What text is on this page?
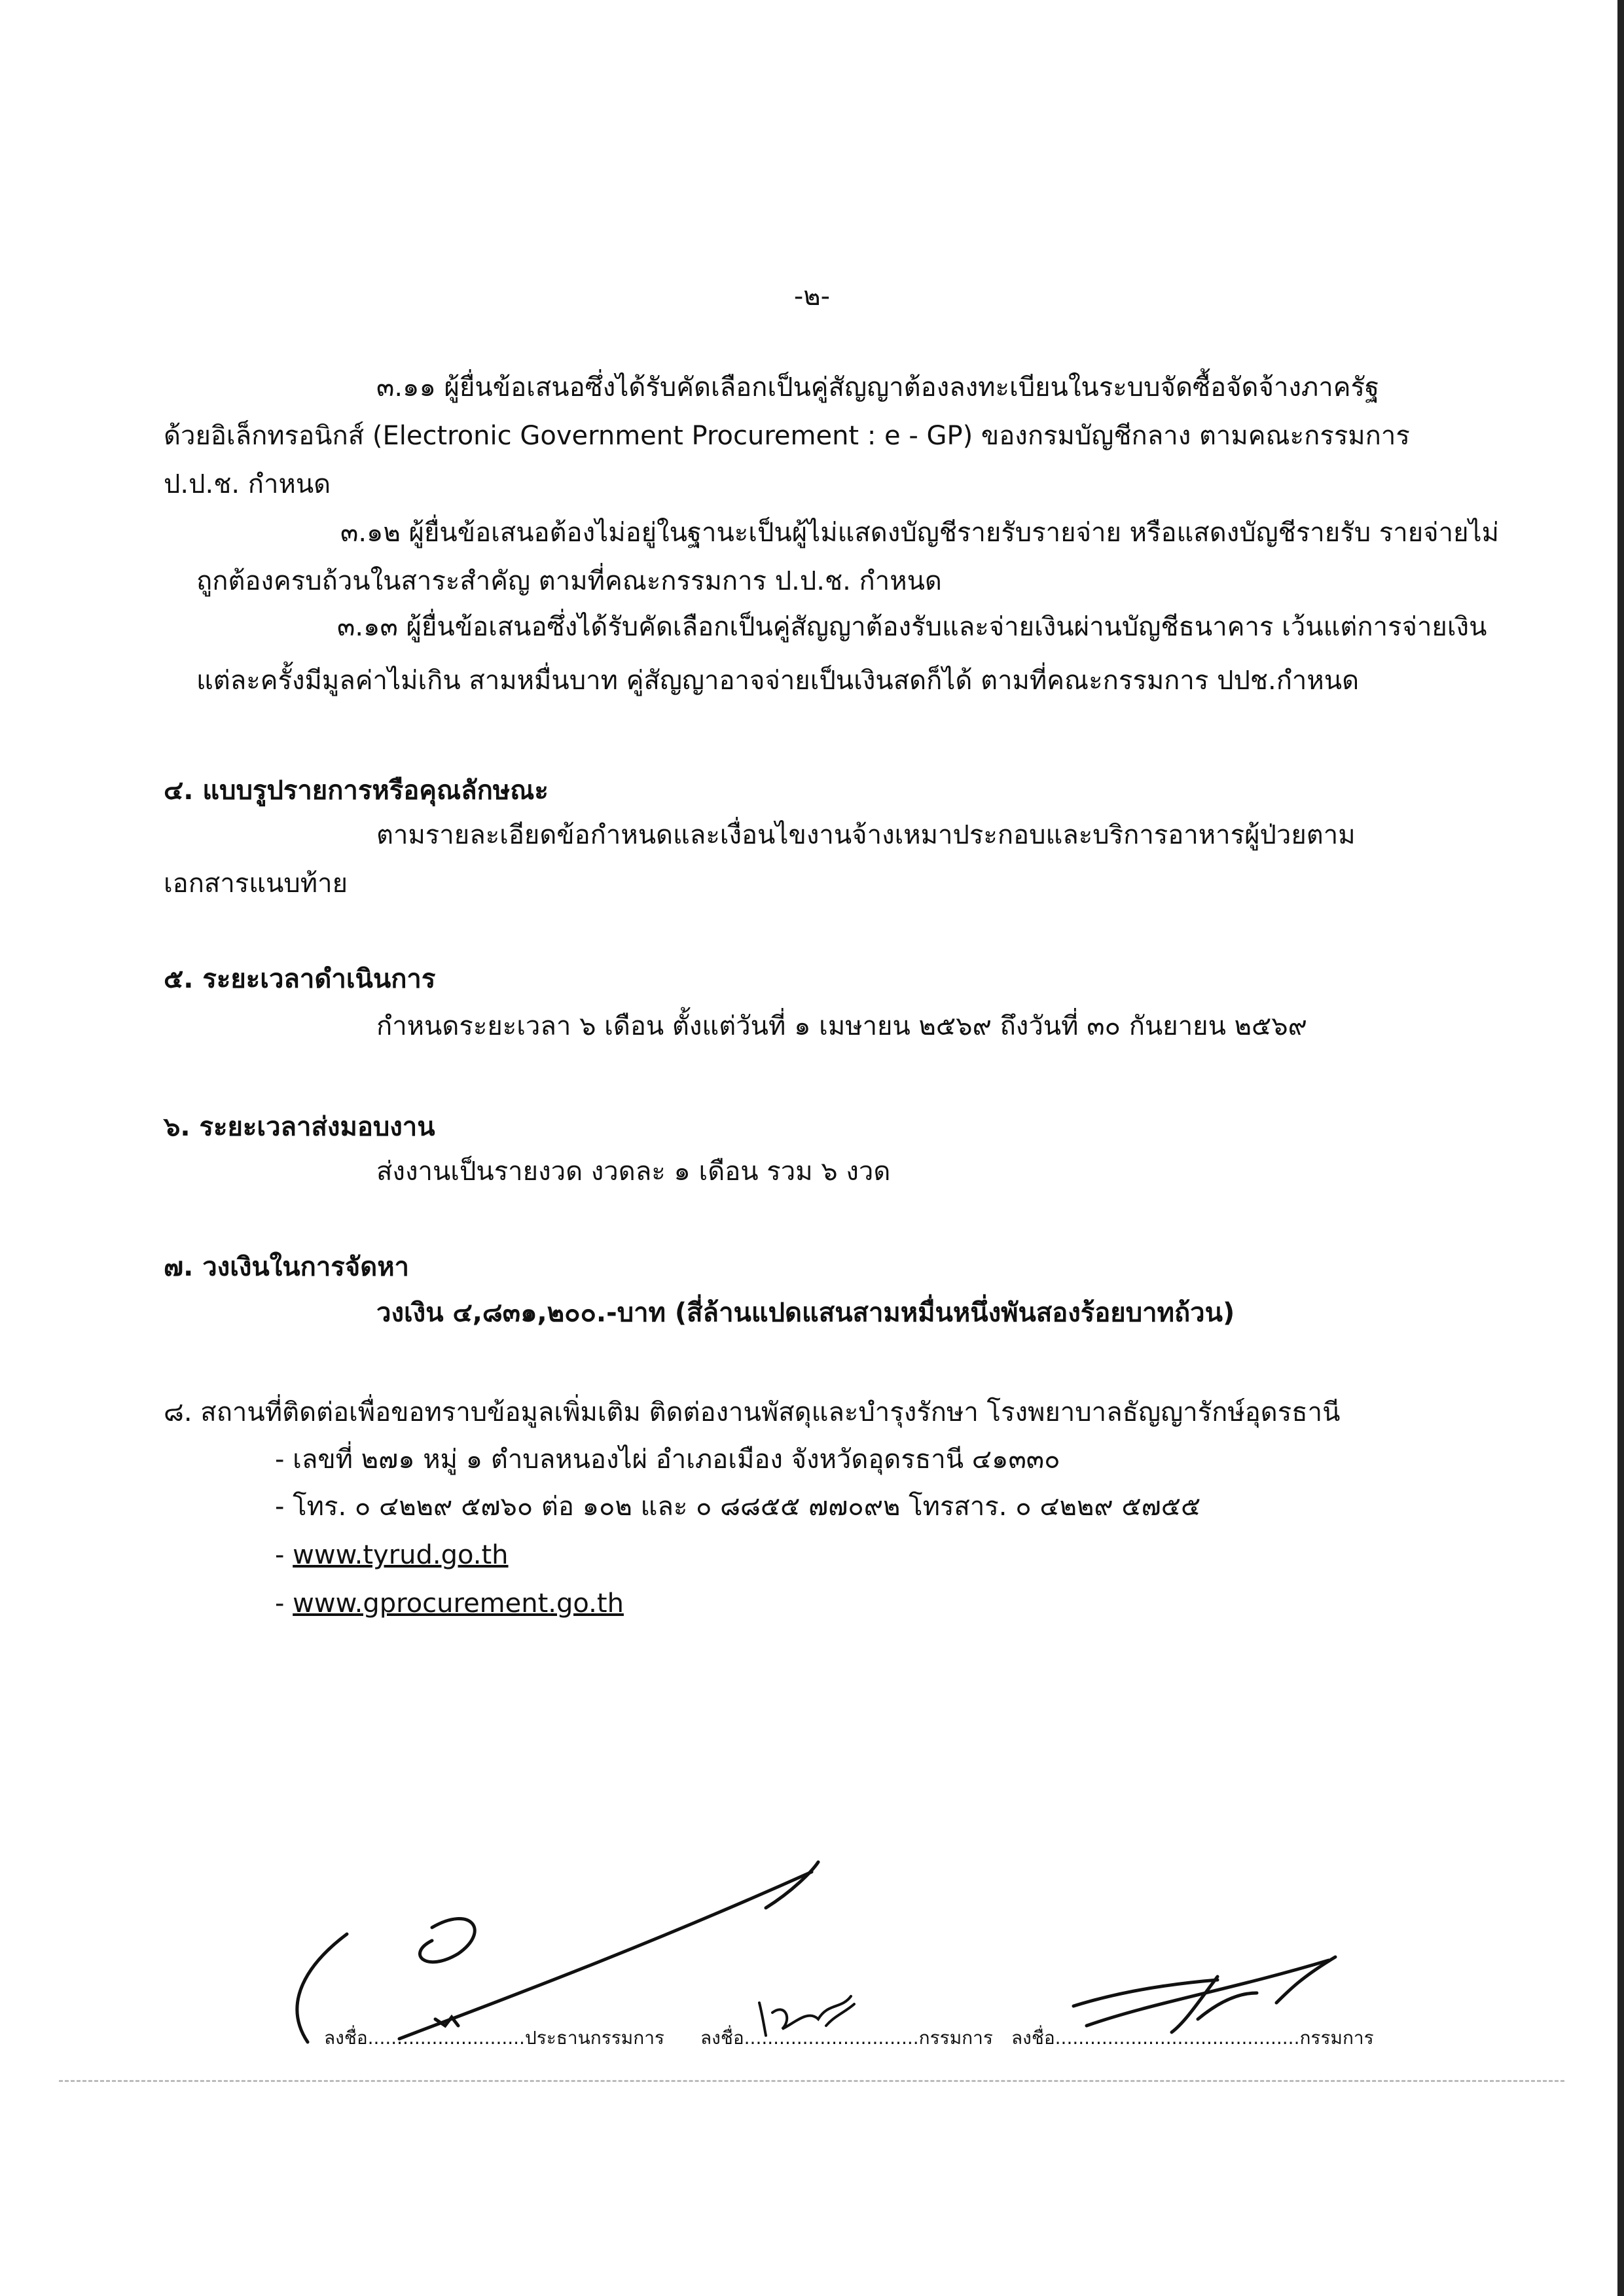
-๒-
๓.๑๑ ผู้ยื่นข้อเสนอซึ่งได้รับคัดเลือกเป็นคู่สัญญาต้องลงทะเบียนในระบบจัดซื้อจัดจ้างภาครัฐ
ด้วยอิเล็กทรอนิกส์ (Electronic Government Procurement : e - GP) ของกรมบัญชีกลาง ตามคณะกรรมการ
ป.ป.ช. กำหนด
๓.๑๒ ผู้ยื่นข้อเสนอต้องไม่อยู่ในฐานะเป็นผู้ไม่แสดงบัญชีรายรับรายจ่าย หรือแสดงบัญชีรายรับ รายจ่ายไม่
ถูกต้องครบถ้วนในสาระสำคัญ ตามที่คณะกรรมการ ป.ป.ช. กำหนด
๓.๑๓ ผู้ยื่นข้อเสนอซึ่งได้รับคัดเลือกเป็นคู่สัญญาต้องรับและจ่ายเงินผ่านบัญชีธนาคาร เว้นแต่การจ่ายเงิน
แต่ละครั้งมีมูลค่าไม่เกิน สามหมื่นบาท คู่สัญญาอาจจ่ายเป็นเงินสดก็ได้ ตามที่คณะกรรมการ ปปช.กำหนด
๔. แบบรูปรายการหรือคุณลักษณะ
ตามรายละเอียดข้อกำหนดและเงื่อนไขงานจ้างเหมาประกอบและบริการอาหารผู้ป่วยตาม
เอกสารแนบท้าย
๕. ระยะเวลาดำเนินการ
กำหนดระยะเวลา ๖ เดือน ตั้งแต่วันที่ ๑ เมษายน ๒๕๖๙ ถึงวันที่ ๓๐ กันยายน ๒๕๖๙
๖. ระยะเวลาส่งมอบงาน
ส่งงานเป็นรายงวด งวดละ ๑ เดือน รวม ๖ งวด
๗. วงเงินในการจัดหา
วงเงิน ๔,๘๓๑,๒๐๐.-บาท (สี่ล้านแปดแสนสามหมื่นหนึ่งพันสองร้อยบาทถ้วน)
๘. สถานที่ติดต่อเพื่อขอทราบข้อมูลเพิ่มเติม ติดต่องานพัสดุและบำรุงรักษา โรงพยาบาลธัญญารักษ์อุดรธานี
- เลขที่ ๒๗๑ หมู่ ๑ ตำบลหนองไผ่ อำเภอเมือง จังหวัดอุดรธานี ๔๑๓๓๐
- โทร. ๐ ๔๒๒๙ ๕๗๖๐ ต่อ ๑๐๒ และ ๐ ๘๘๕๕ ๗๗๐๙๒ โทรสาร. ๐ ๔๒๒๙ ๕๗๕๕
- www.tyrud.go.th
- www.gprocurement.go.th
ลงชื่อ...........................ประธานกรรมการ ลงชื่อ..............................กรรมการ ลงชื่อ..........................................กรรมการ
